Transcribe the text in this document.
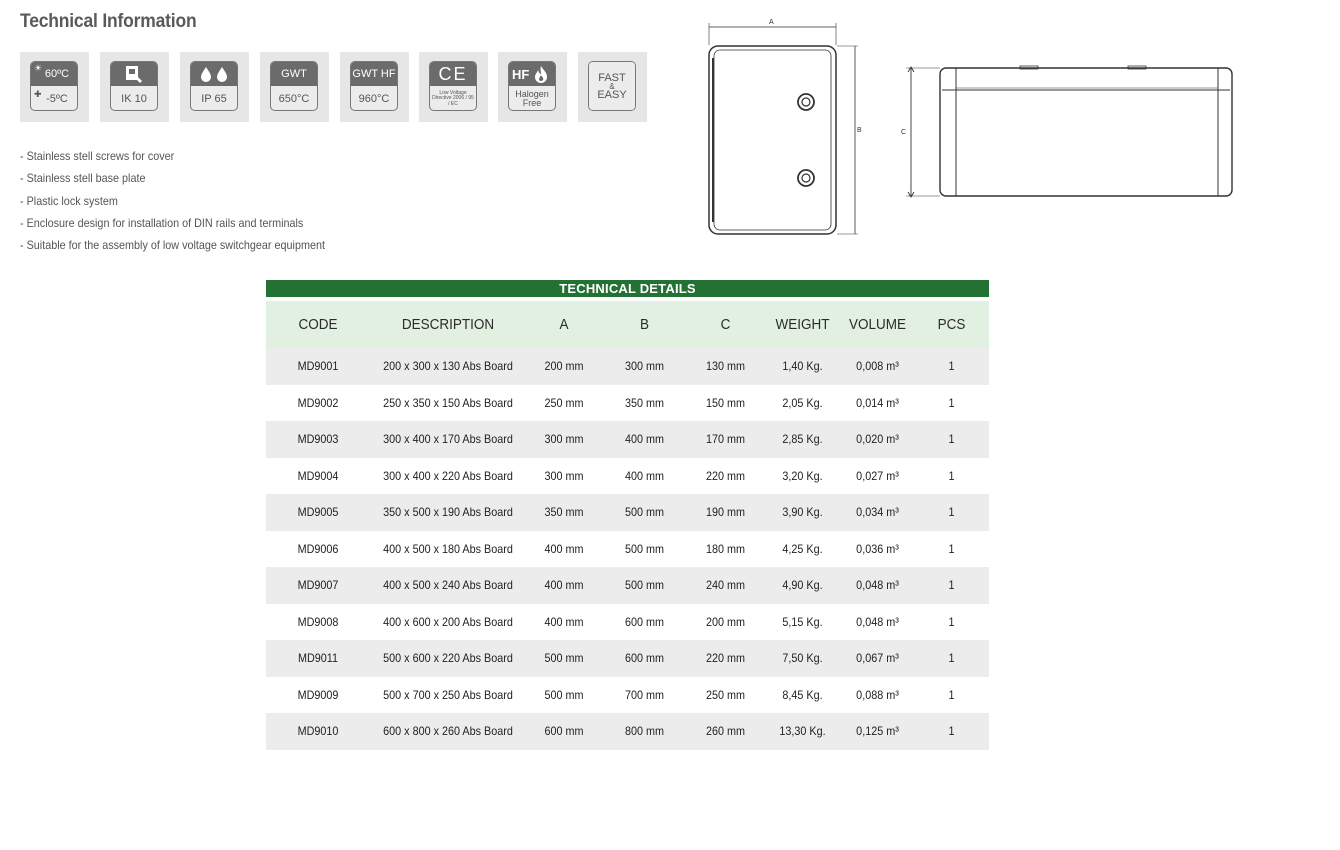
Technical Information
☀ 60ºC
✚ -5ºC	IK 10	IP 65
GWT
650°C
GWT HF
960°C
CE
Low Voltage Directive 2006 / 95 / EC
HF
Halogen Free
FAST
&
EASY
- Stainless stell screws for cover
- Stainless stell base plate
- Plastic lock system
- Enclosure design for installation of DIN rails and terminals
- Suitable for the assembly of low voltage switchgear equipment
A
B	C
TECHNICAL DETAILS
CODE	DESCRIPTION	A	B	C	WEIGHT	VOLUME	PCS
MD9001	200 x 300 x 130 Abs Board	200 mm	300 mm	130 mm	1,40 Kg.	0,008 m³	1
MD9002	250 x 350 x 150 Abs Board	250 mm	350 mm	150 mm	2,05 Kg.	0,014 m³	1
MD9003	300 x 400 x 170 Abs Board	300 mm	400 mm	170 mm	2,85 Kg.	0,020 m³	1
MD9004	300 x 400 x 220 Abs Board	300 mm	400 mm	220 mm	3,20 Kg.	0,027 m³	1
MD9005	350 x 500 x 190 Abs Board	350 mm	500 mm	190 mm	3,90 Kg.	0,034 m³	1
MD9006	400 x 500 x 180 Abs Board	400 mm	500 mm	180 mm	4,25 Kg.	0,036 m³	1
MD9007	400 x 500 x 240 Abs Board	400 mm	500 mm	240 mm	4,90 Kg.	0,048 m³	1
MD9008	400 x 600 x 200 Abs Board	400 mm	600 mm	200 mm	5,15 Kg.	0,048 m³	1
MD9011	500 x 600 x 220 Abs Board	500 mm	600 mm	220 mm	7,50 Kg.	0,067 m³	1
MD9009	500 x 700 x 250 Abs Board	500 mm	700 mm	250 mm	8,45 Kg.	0,088 m³	1
MD9010	600 x 800 x 260 Abs Board	600 mm	800 mm	260 mm	13,30 Kg.	0,125 m³	1
